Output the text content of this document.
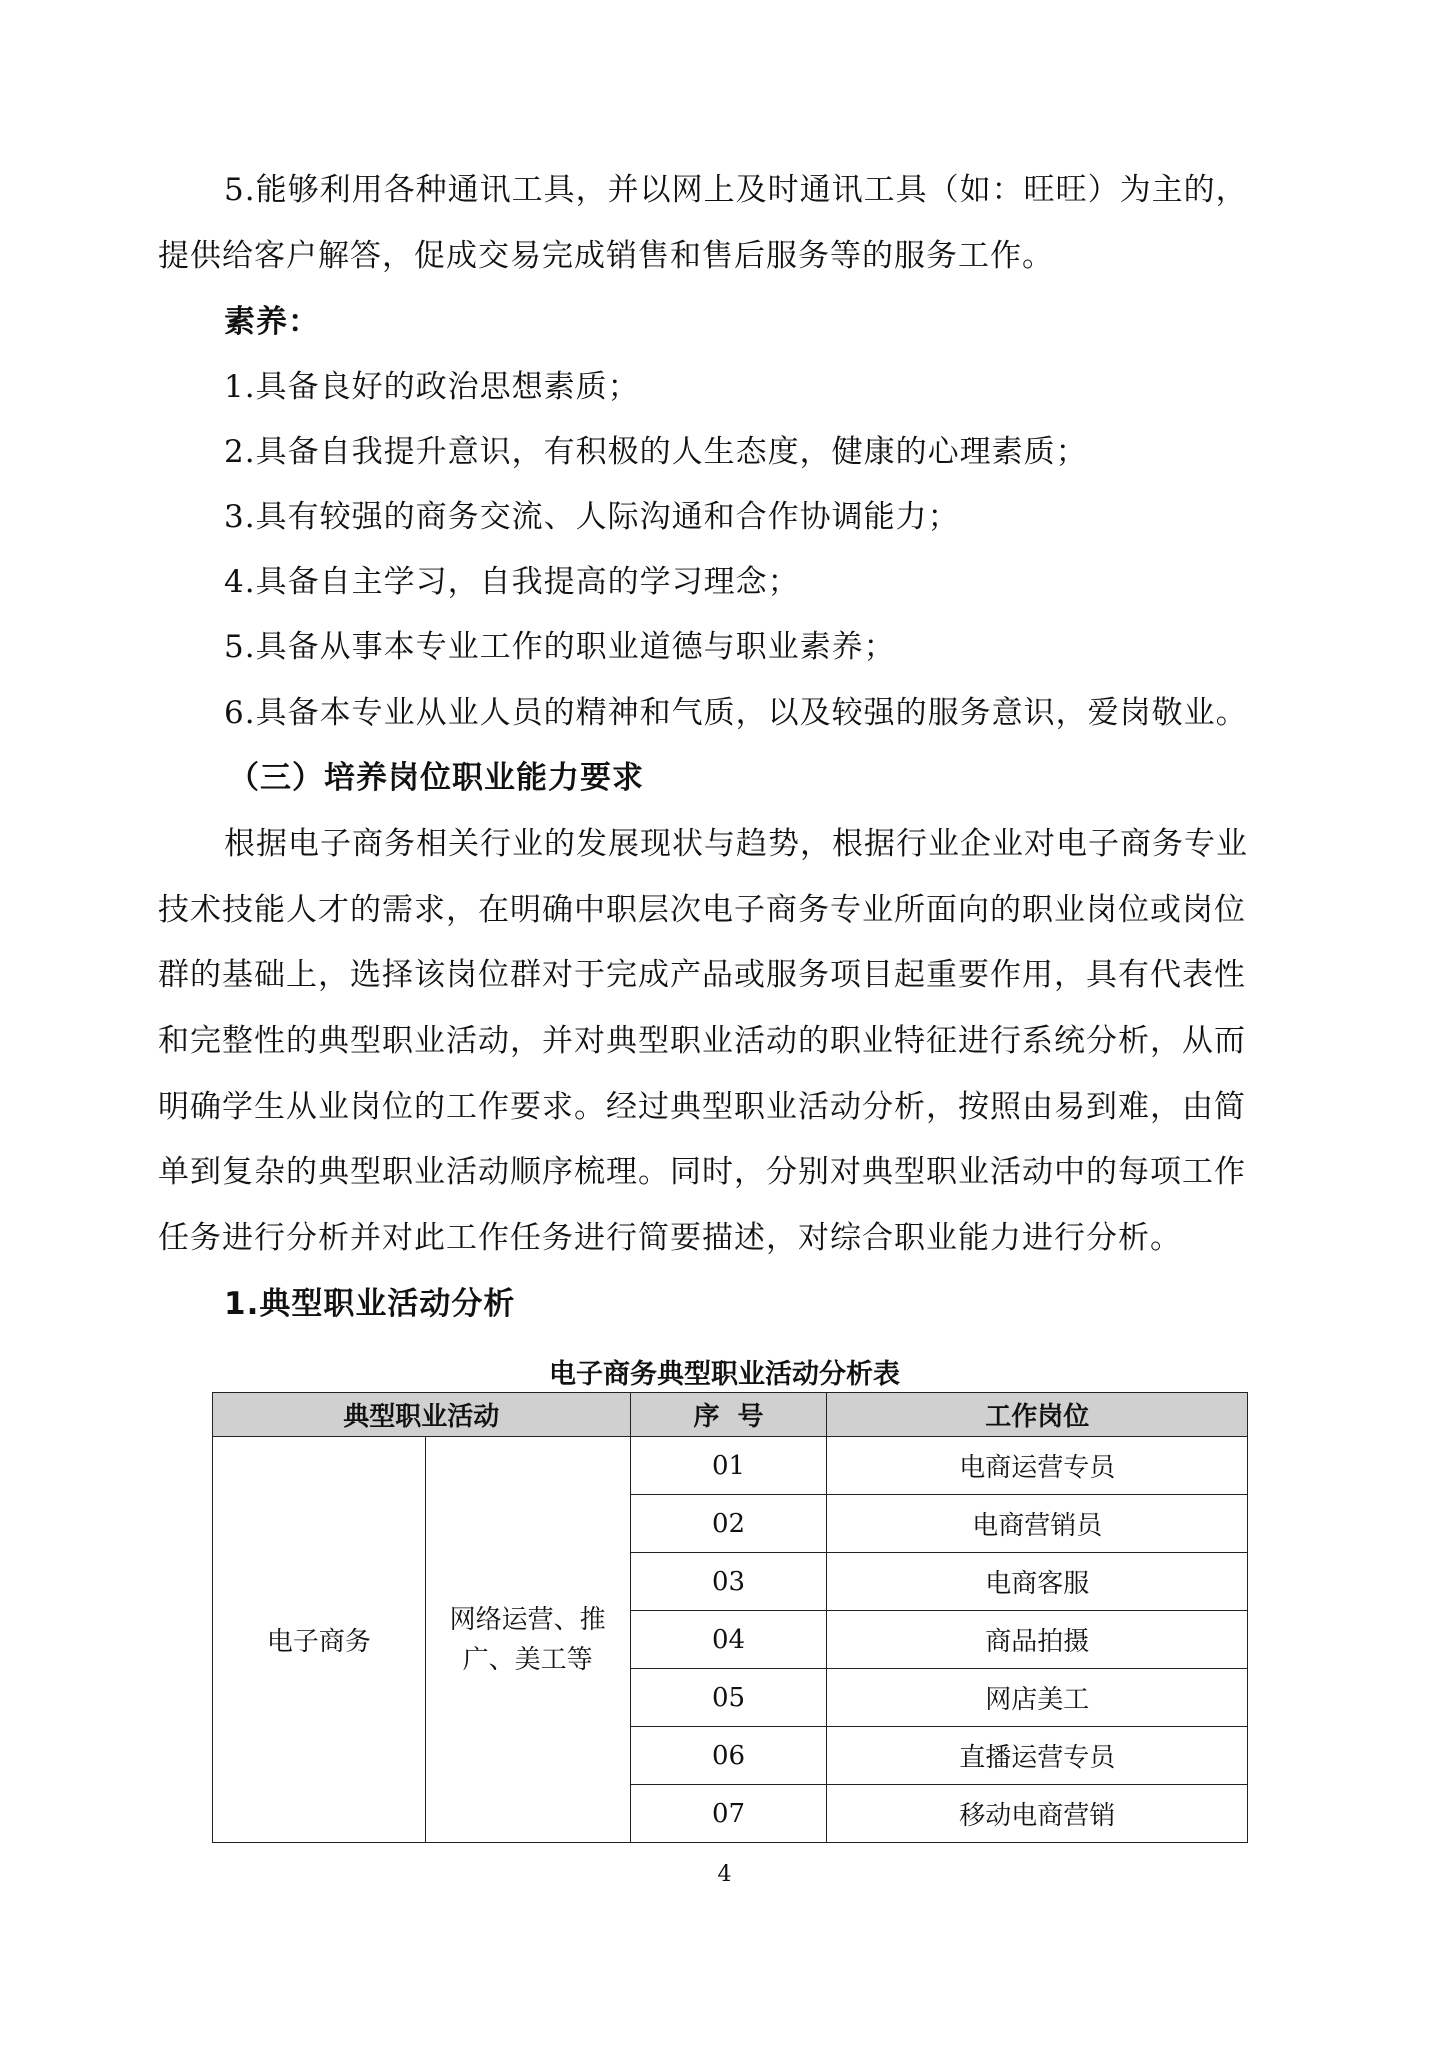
5.能够利用各种通讯工具，并以网上及时通讯工具（如：旺旺）为主的，
提供给客户解答，促成交易完成销售和售后服务等的服务工作。
素养：
1.具备良好的政治思想素质；
2.具备自我提升意识，有积极的人生态度，健康的心理素质；
3.具有较强的商务交流、人际沟通和合作协调能力；
4.具备自主学习，自我提高的学习理念；
5.具备从事本专业工作的职业道德与职业素养；
6.具备本专业从业人员的精神和气质，以及较强的服务意识，爱岗敬业。
（三）培养岗位职业能力要求
根据电子商务相关行业的发展现状与趋势，根据行业企业对电子商务专业
技术技能人才的需求，在明确中职层次电子商务专业所面向的职业岗位或岗位
群的基础上，选择该岗位群对于完成产品或服务项目起重要作用，具有代表性
和完整性的典型职业活动，并对典型职业活动的职业特征进行系统分析，从而
明确学生从业岗位的工作要求。经过典型职业活动分析，按照由易到难，由简
单到复杂的典型职业活动顺序梳理。同时，分别对典型职业活动中的每项工作
任务进行分析并对此工作任务进行简要描述，对综合职业能力进行分析。
1.典型职业活动分析
电子商务典型职业活动分析表
典型职业活动		序  号	工作岗位
电子商务	网络运营、推
广、美工等	01	电商运营专员
		02	电商营销员
		03	电商客服
		04	商品拍摄
		05	网店美工
		06	直播运营专员
		07	移动电商营销
4
